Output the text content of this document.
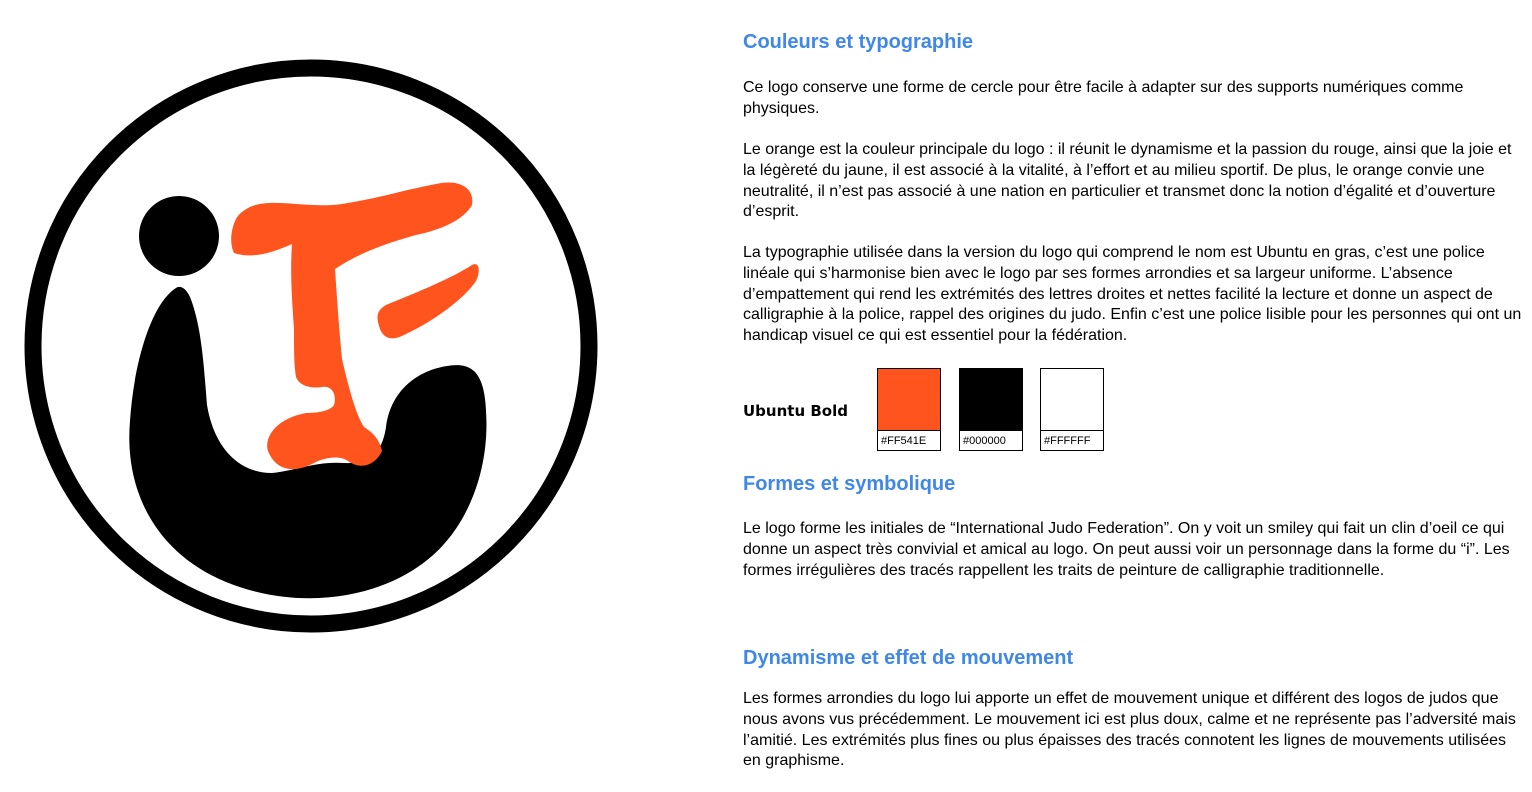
Couleurs et typographie

Ce logo conserve une forme de cercle pour être facile à adapter sur des supports numériques comme physiques.

Le orange est la couleur principale du logo : il réunit le dynamisme et la passion du rouge, ainsi que la joie et la légèreté du jaune, il est associé à la vitalité, à l’effort et au milieu sportif. De plus, le orange convie une neutralité, il n’est pas associé à une nation en particulier et transmet donc la notion d’égalité et d’ouverture d’esprit.

La typographie utilisée dans la version du logo qui comprend le nom est Ubuntu en gras, c’est une police linéale qui s’harmonise bien avec le logo par ses formes arrondies et sa largeur uniforme. L’absence d’empattement qui rend les extrémités des lettres droites et nettes facilité la lecture et donne un aspect de calligraphie à la police, rappel des origines du judo. Enfin c’est une police lisible pour les personnes qui ont un handicap visuel ce qui est essentiel pour la fédération.

Ubuntu Bold

#FF541E	#000000	#FFFFFF
Formes et symbolique

Le logo forme les initiales de “International Judo Federation”. On y voit un smiley qui fait un clin d’oeil ce qui donne un aspect très convivial et amical au logo. On peut aussi voir un personnage dans la forme du “i”. Les formes irrégulières des tracés rappellent les traits de peinture de calligraphie traditionnelle.

Dynamisme et effet de mouvement

Les formes arrondies du logo lui apporte un effet de mouvement unique et différent des logos de judos que nous avons vus précédemment. Le mouvement ici est plus doux, calme et ne représente pas l’adversité mais l’amitié. Les extrémités plus fines ou plus épaisses des tracés connotent les lignes de mouvements utilisées en graphisme.
